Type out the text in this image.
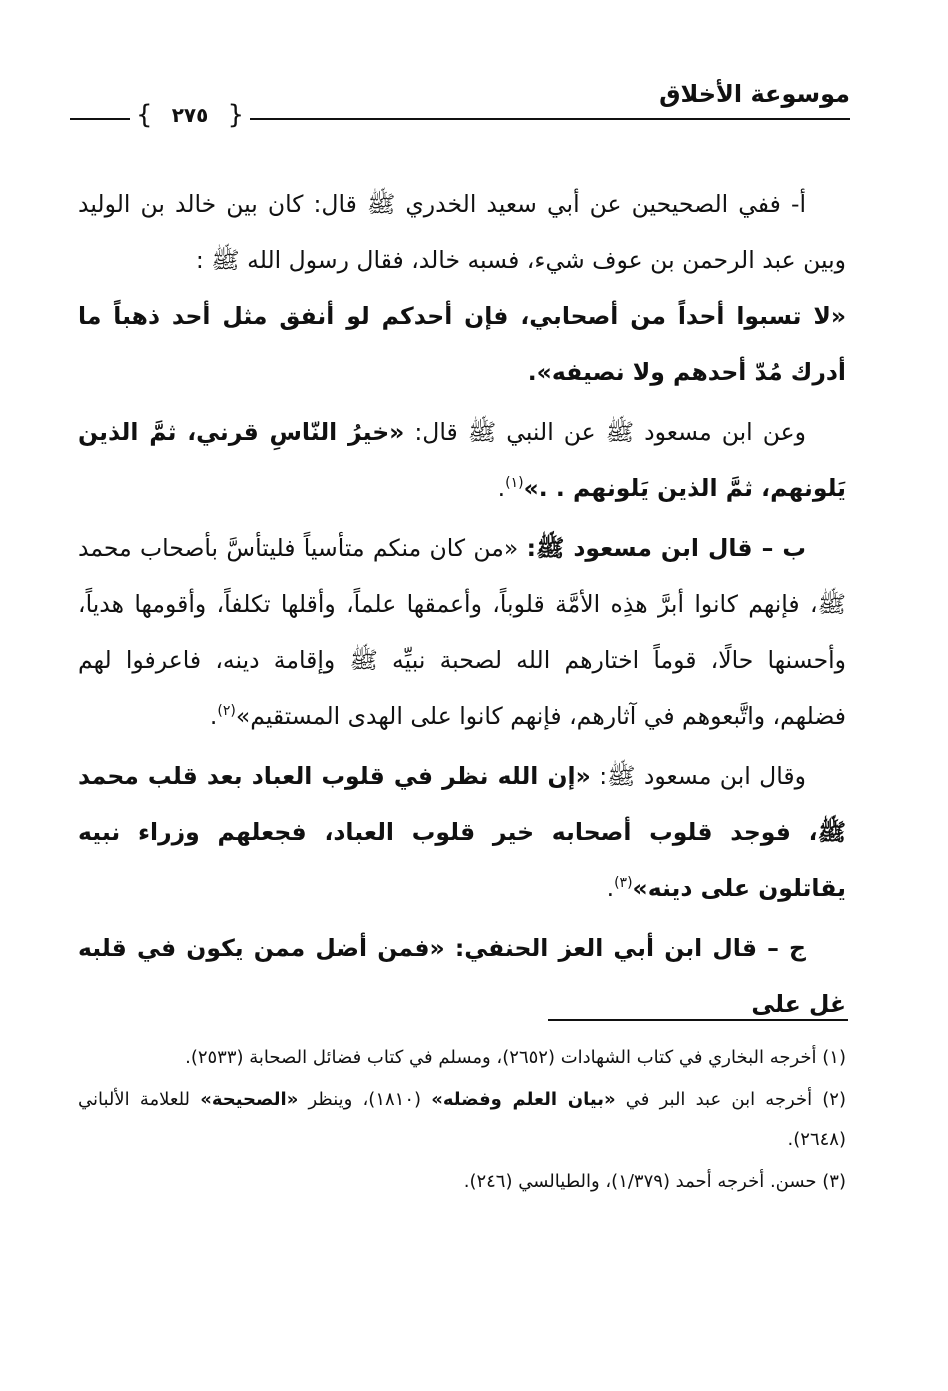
موسوعة الأخلاق
{ ٢٧٥ }

أ- ففي الصحيحين عن أبي سعيد الخدري ﷺ قال: كان بين خالد بن الوليد وبين عبد الرحمن بن عوف شيء، فسبه خالد، فقال رسول الله ﷺ :

«لا تسبوا أحداً من أصحابي، فإن أحدكم لو أنفق مثل أحد ذهباً ما أدرك مُدّ أحدهم ولا نصيفه».

وعن ابن مسعود ﷺ عن النبي ﷺ قال: «خيرُ النّاسِ قرني، ثمَّ الذين يَلونهم، ثمَّ الذين يَلونهم . .»$^{(١)}$.

ب – قال ابن مسعود ﷺ: «من كان منكم متأسياً فليتأسَّ بأصحاب محمد ﷺ، فإنهم كانوا أبرَّ هذِه الأمَّة قلوباً، وأعمقها علماً، وأقلها تكلفاً، وأقومها هدياً، وأحسنها حالًا، قوماً اختارهم الله لصحبة نبيِّه ﷺ وإقامة دينه، فاعرفوا لهم فضلهم، واتَّبعوهم في آثارهم، فإنهم كانوا على الهدى المستقيم»$^{(٢)}$.

وقال ابن مسعود ﷺ: «إن الله نظر في قلوب العباد بعد قلب محمد ﷺ، فوجد قلوب أصحابه خير قلوب العباد، فجعلهم وزراء نبيه يقاتلون على دينه»$^{(٣)}$.

ج – قال ابن أبي العز الحنفي: «فمن أضل ممن يكون في قلبه غل على

(١) أخرجه البخاري في كتاب الشهادات (٢٦٥٢)، ومسلم في كتاب فضائل الصحابة (٢٥٣٣).

(٢) أخرجه ابن عبد البر في «بيان العلم وفضله» (١٨١٠)، وينظر «الصحيحة» للعلامة الألباني (٢٦٤٨).

(٣) حسن. أخرجه أحمد (١/٣٧٩)، والطيالسي (٢٤٦).
